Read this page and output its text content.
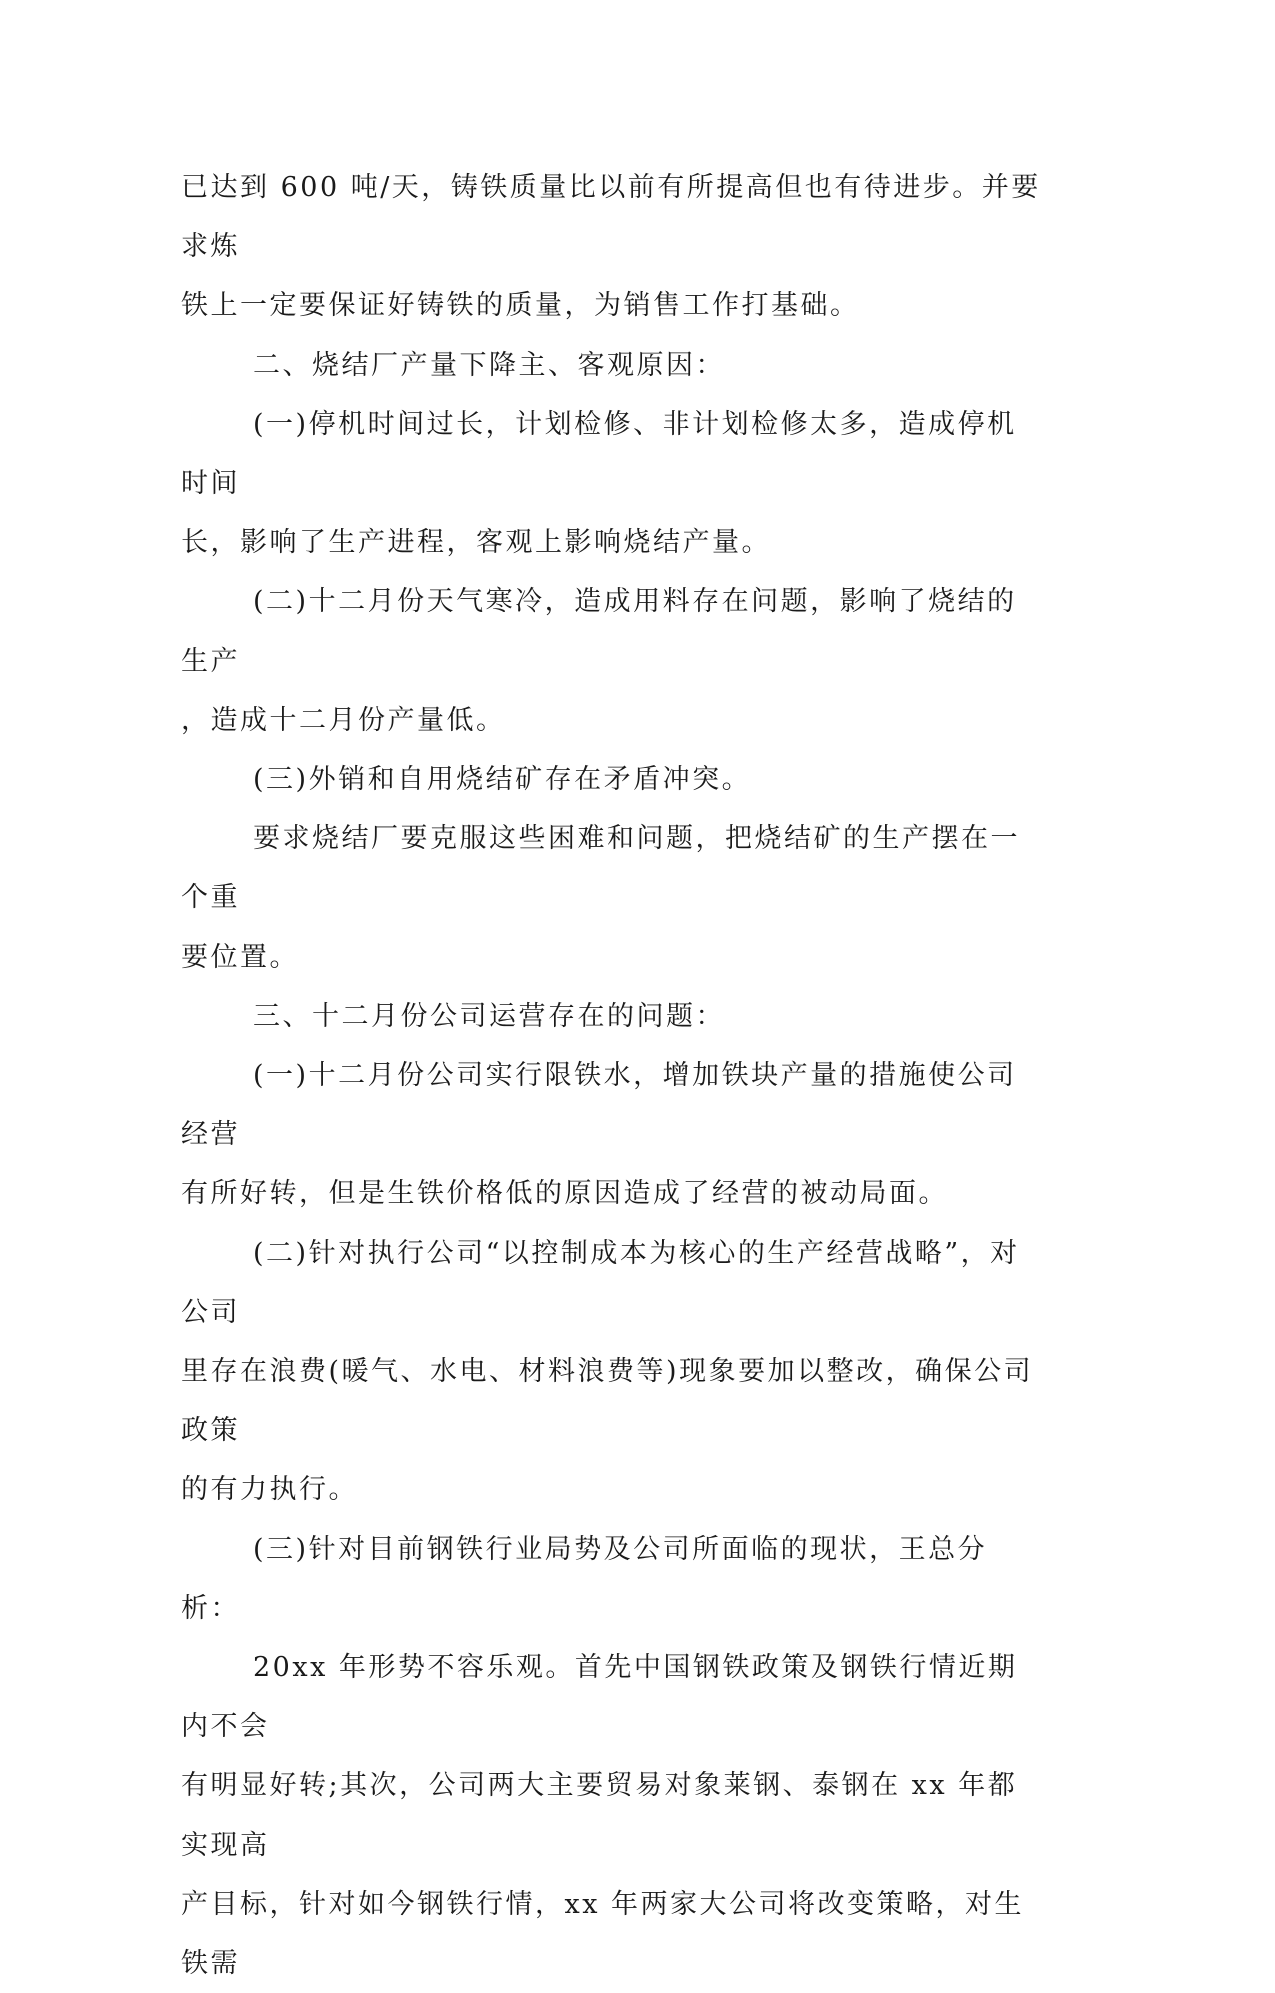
已达到 600 吨/天，铸铁质量比以前有所提高但也有待进步。并要求炼
铁上一定要保证好铸铁的质量，为销售工作打基础。
二、烧结厂产量下降主、客观原因：
(一)停机时间过长，计划检修、非计划检修太多，造成停机时间
长，影响了生产进程，客观上影响烧结产量。
(二)十二月份天气寒冷，造成用料存在问题，影响了烧结的生产
，造成十二月份产量低。
(三)外销和自用烧结矿存在矛盾冲突。
要求烧结厂要克服这些困难和问题，把烧结矿的生产摆在一个重
要位置。
三、十二月份公司运营存在的问题：
(一)十二月份公司实行限铁水，增加铁块产量的措施使公司经营
有所好转，但是生铁价格低的原因造成了经营的被动局面。
(二)针对执行公司“以控制成本为核心的生产经营战略”，对公司
里存在浪费(暖气、水电、材料浪费等)现象要加以整改，确保公司政策
的有力执行。
(三)针对目前钢铁行业局势及公司所面临的现状，王总分析：
20xx 年形势不容乐观。首先中国钢铁政策及钢铁行情近期内不会
有明显好转;其次，公司两大主要贸易对象莱钢、泰钢在 xx 年都实现高
产目标，针对如今钢铁行情，xx 年两家大公司将改变策略，对生铁需
